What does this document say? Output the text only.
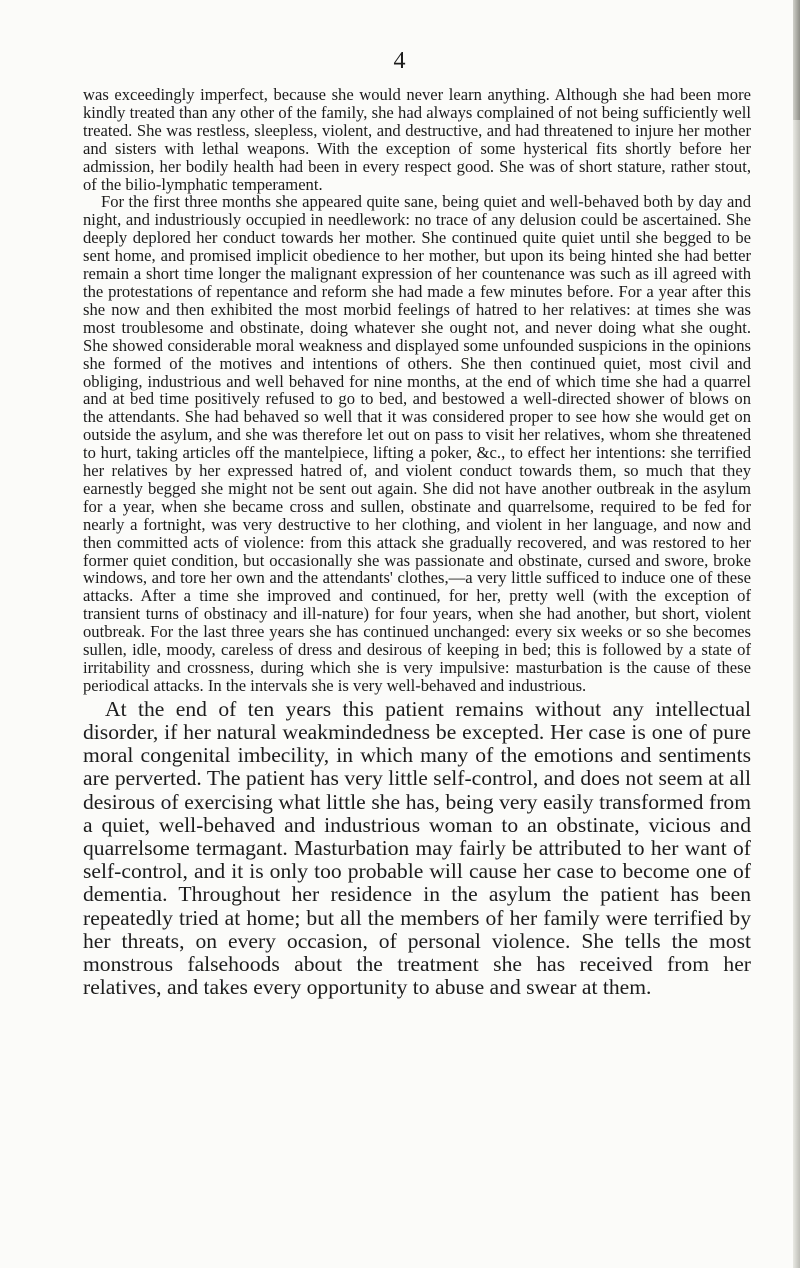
4

was exceedingly imperfect, because she would never learn anything. Although she had been more kindly treated than any other of the family, she had always complained of not being sufficiently well treated. She was restless, sleepless, violent, and destructive, and had threatened to injure her mother and sisters with lethal weapons. With the exception of some hysterical fits shortly before her admission, her bodily health had been in every respect good. She was of short stature, rather stout, of the bilio-lymphatic temperament.

For the first three months she appeared quite sane, being quiet and well-behaved both by day and night, and industriously occupied in needlework: no trace of any delusion could be ascertained. She deeply deplored her conduct towards her mother. She continued quite quiet until she begged to be sent home, and promised implicit obedience to her mother, but upon its being hinted she had better remain a short time longer the malignant expression of her countenance was such as ill agreed with the protestations of repentance and reform she had made a few minutes before. For a year after this she now and then exhibited the most morbid feelings of hatred to her relatives: at times she was most troublesome and obstinate, doing whatever she ought not, and never doing what she ought. She showed considerable moral weakness and displayed some unfounded suspicions in the opinions she formed of the motives and intentions of others. She then continued quiet, most civil and obliging, industrious and well behaved for nine months, at the end of which time she had a quarrel and at bed time positively refused to go to bed, and bestowed a well-directed shower of blows on the attendants. She had behaved so well that it was considered proper to see how she would get on outside the asylum, and she was therefore let out on pass to visit her relatives, whom she threatened to hurt, taking articles off the mantelpiece, lifting a poker, &c., to effect her intentions: she terrified her relatives by her expressed hatred of, and violent conduct towards them, so much that they earnestly begged she might not be sent out again. She did not have another outbreak in the asylum for a year, when she became cross and sullen, obstinate and quarrelsome, required to be fed for nearly a fortnight, was very destructive to her clothing, and violent in her language, and now and then committed acts of violence: from this attack she gradually recovered, and was restored to her former quiet condition, but occasionally she was passionate and obstinate, cursed and swore, broke windows, and tore her own and the attendants' clothes,—a very little sufficed to induce one of these attacks. After a time she improved and continued, for her, pretty well (with the exception of transient turns of obstinacy and ill-nature) for four years, when she had another, but short, violent outbreak. For the last three years she has continued unchanged: every six weeks or so she becomes sullen, idle, moody, careless of dress and desirous of keeping in bed; this is followed by a state of irritability and crossness, during which she is very impulsive: masturbation is the cause of these periodical attacks. In the intervals she is very well-behaved and industrious.

At the end of ten years this patient remains without any intellectual disorder, if her natural weakmindedness be excepted. Her case is one of pure moral congenital imbecility, in which many of the emotions and sentiments are perverted. The patient has very little self-control, and does not seem at all desirous of exercising what little she has, being very easily transformed from a quiet, well-behaved and industrious woman to an obstinate, vicious and quarrelsome termagant. Masturbation may fairly be attributed to her want of self-control, and it is only too probable will cause her case to become one of dementia. Throughout her residence in the asylum the patient has been repeatedly tried at home; but all the members of her family were terrified by her threats, on every occasion, of personal violence. She tells the most monstrous falsehoods about the treatment she has received from her relatives, and takes every opportunity to abuse and swear at them.
